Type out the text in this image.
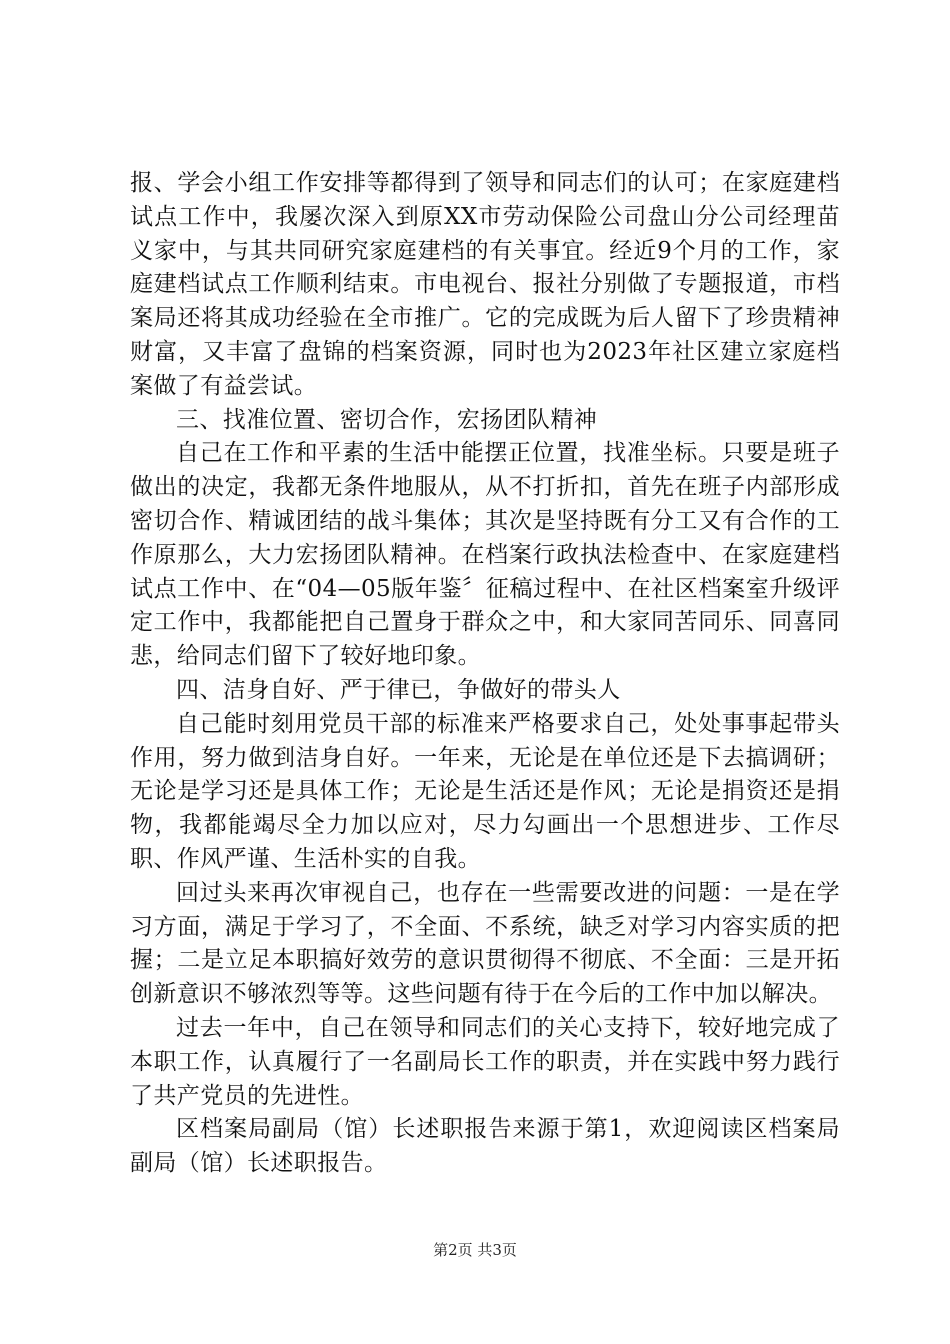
报、学会小组工作安排等都得到了领导和同志们的认可；在家庭建档试点工作中，我屡次深入到原XX市劳动保险公司盘山分公司经理苗义家中，与其共同研究家庭建档的有关事宜。经近9个月的工作，家庭建档试点工作顺利结束。市电视台、报社分别做了专题报道，市档案局还将其成功经验在全市推广。它的完成既为后人留下了珍贵精神财富，又丰富了盘锦的档案资源，同时也为2023年社区建立家庭档案做了有益尝试。

三、找准位置、密切合作，宏扬团队精神

自己在工作和平素的生活中能摆正位置，找准坐标。只要是班子做出的决定，我都无条件地服从，从不打折扣，首先在班子内部形成密切合作、精诚团结的战斗集体；其次是坚持既有分工又有合作的工作原那么，大力宏扬团队精神。在档案行政执法检查中、在家庭建档试点工作中、在“04—05版年鉴〞征稿过程中、在社区档案室升级评定工作中，我都能把自己置身于群众之中，和大家同苦同乐、同喜同悲，给同志们留下了较好地印象。

四、洁身自好、严于律已，争做好的带头人

自己能时刻用党员干部的标准来严格要求自己，处处事事起带头作用，努力做到洁身自好。一年来，无论是在单位还是下去搞调研；无论是学习还是具体工作；无论是生活还是作风；无论是捐资还是捐物，我都能竭尽全力加以应对，尽力勾画出一个思想进步、工作尽职、作风严谨、生活朴实的自我。

回过头来再次审视自己，也存在一些需要改进的问题：一是在学习方面，满足于学习了，不全面、不系统，缺乏对学习内容实质的把握；二是立足本职搞好效劳的意识贯彻得不彻底、不全面：三是开拓创新意识不够浓烈等等。这些问题有待于在今后的工作中加以解决。

过去一年中，自己在领导和同志们的关心支持下，较好地完成了本职工作，认真履行了一名副局长工作的职责，并在实践中努力践行了共产党员的先进性。

区档案局副局（馆）长述职报告来源于第1，欢迎阅读区档案局副局（馆）长述职报告。

第2页 共3页
